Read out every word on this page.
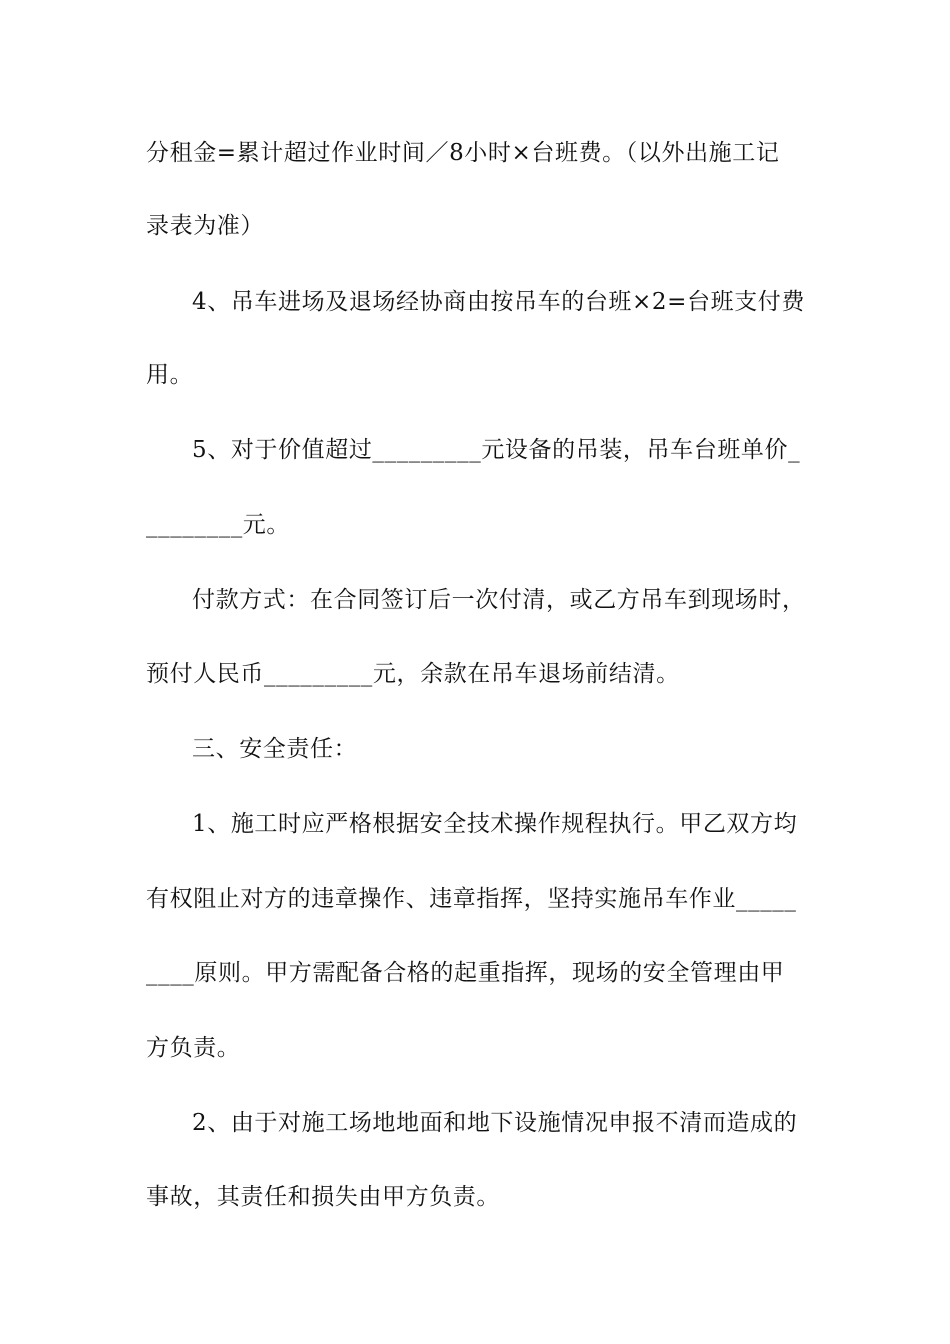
分租金=累计超过作业时间／8小时×台班费。（以外出施工记
录表为准）
4、吊车进场及退场经协商由按吊车的台班×2=台班支付费
用。
5、对于价值超过_________元设备的吊装，吊车台班单价_
________元。
付款方式：在合同签订后一次付清，或乙方吊车到现场时，
预付人民币_________元，余款在吊车退场前结清。
三、安全责任：
1、施工时应严格根据安全技术操作规程执行。甲乙双方均
有权阻止对方的违章操作、违章指挥，坚持实施吊车作业_____
____原则。甲方需配备合格的起重指挥，现场的安全管理由甲
方负责。
2、由于对施工场地地面和地下设施情况申报不清而造成的
事故，其责任和损失由甲方负责。
